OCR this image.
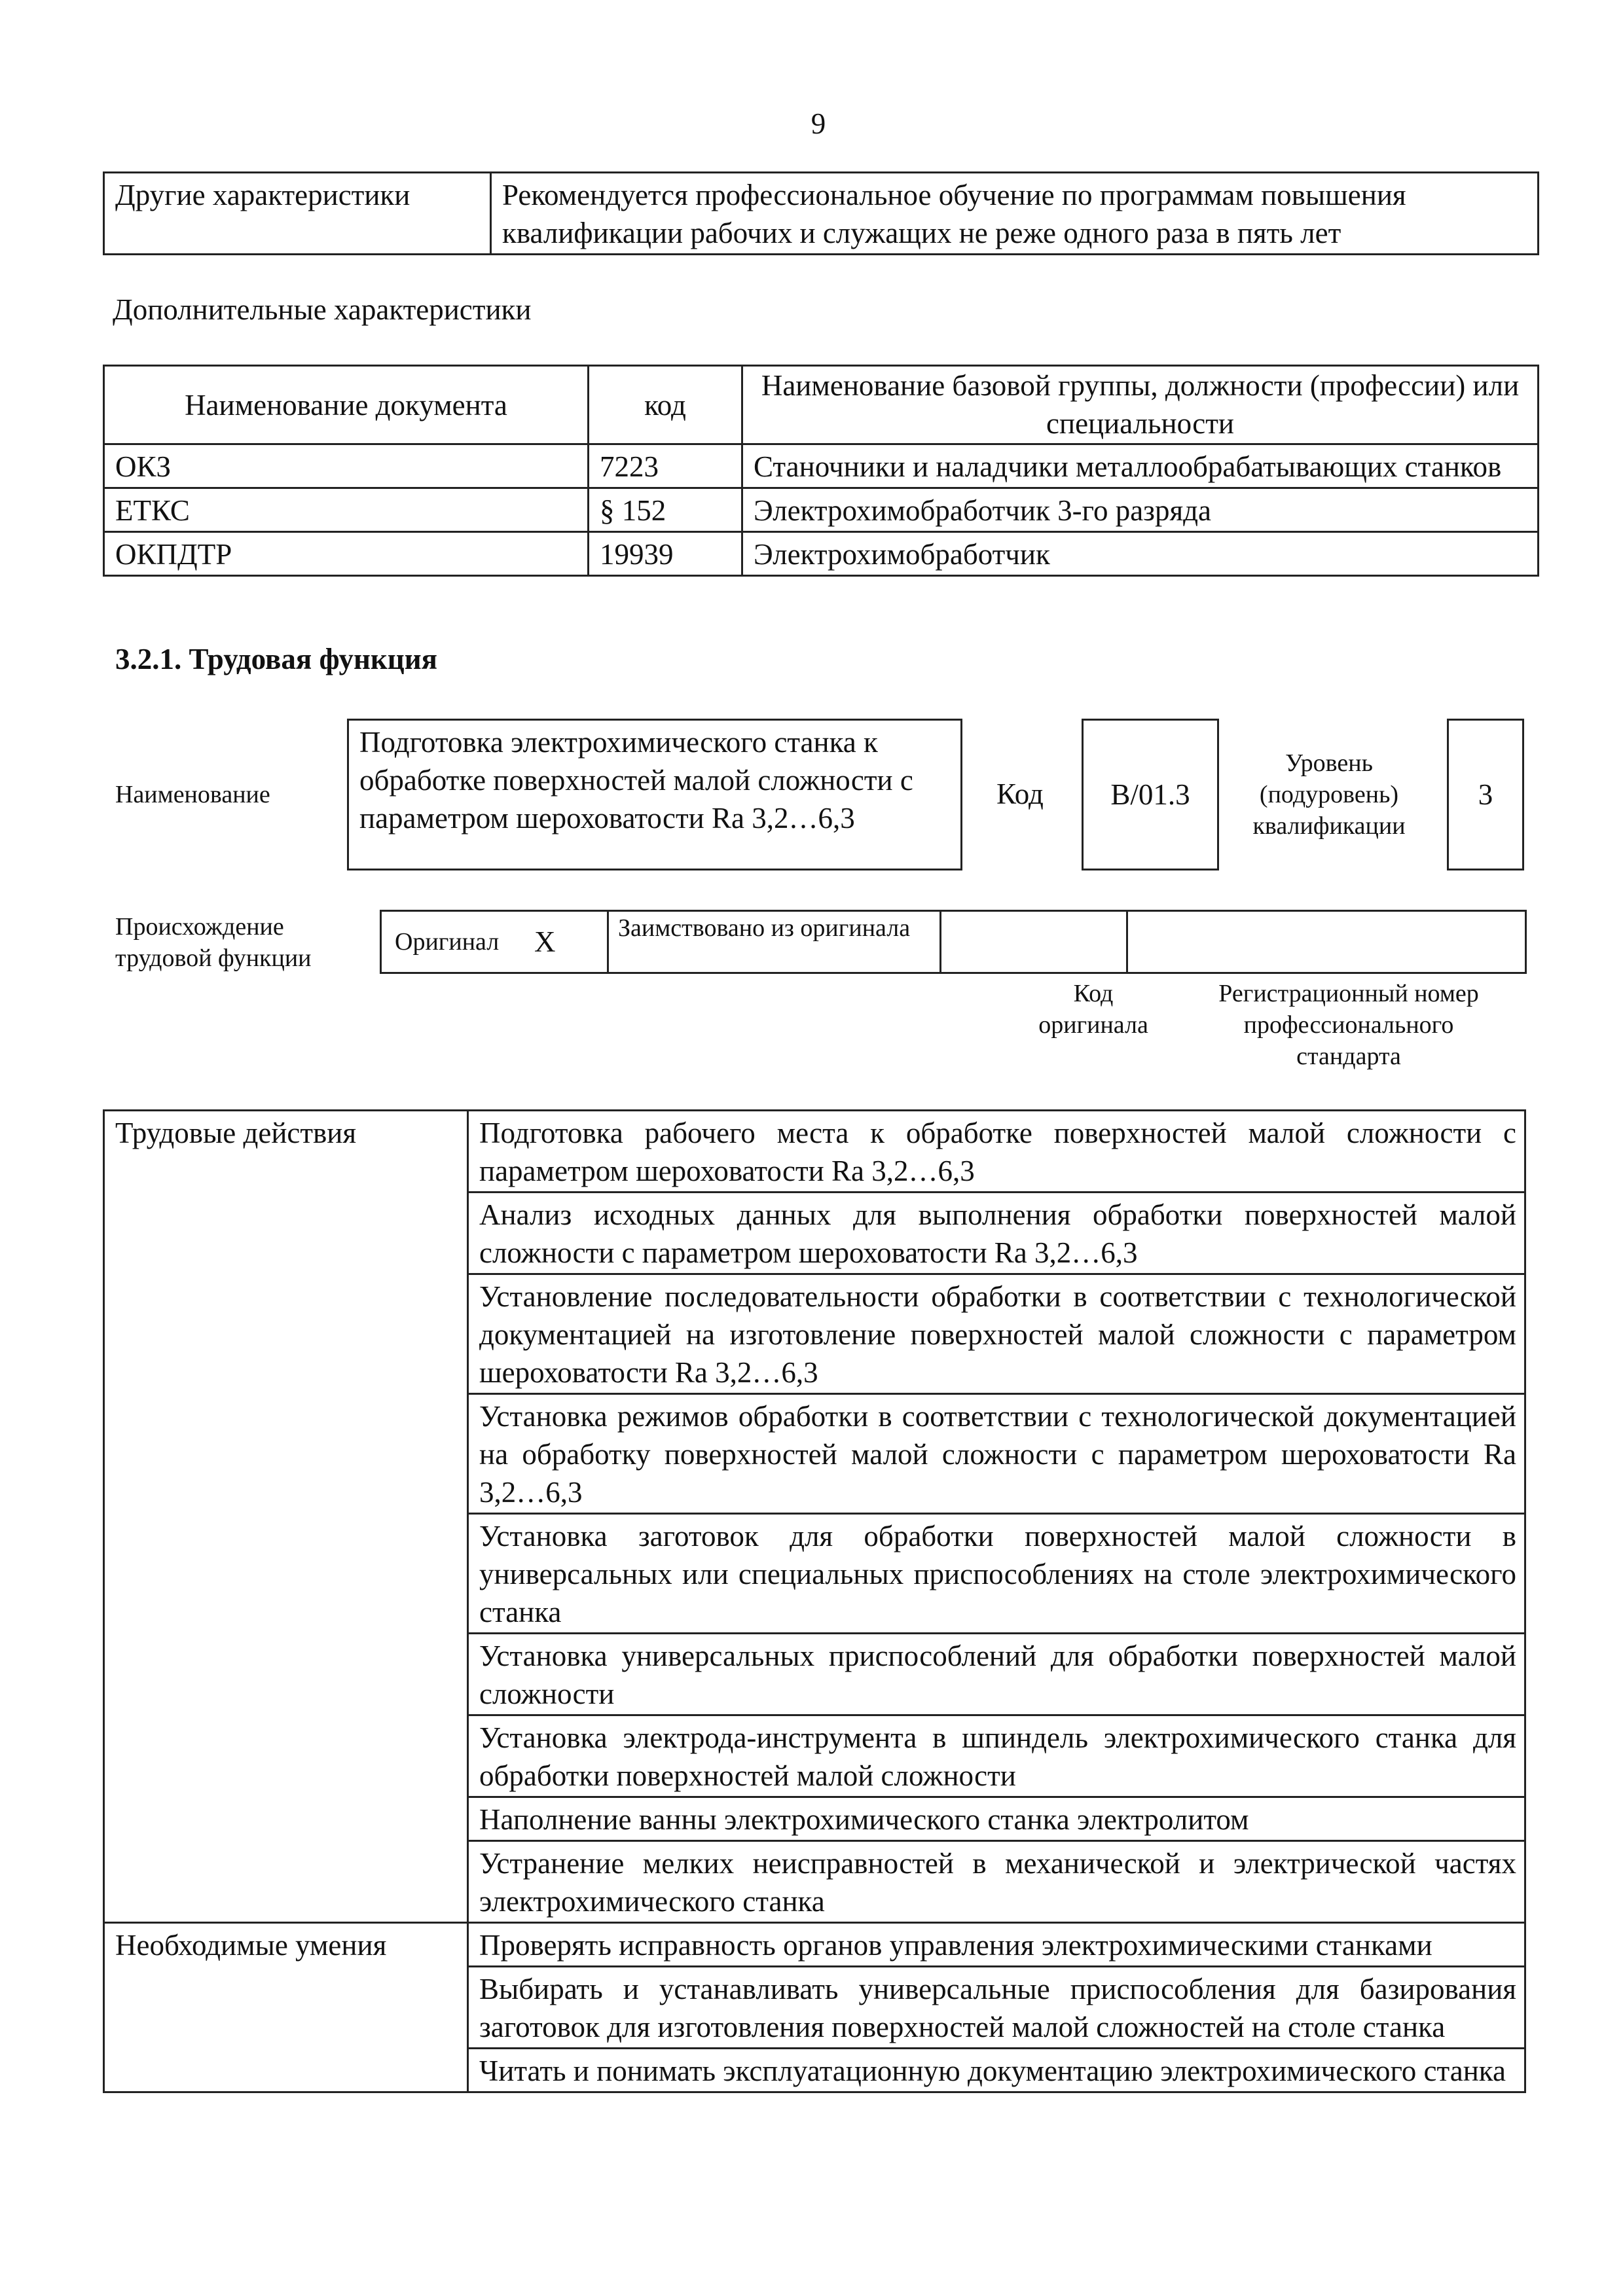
9
Другие характеристики	Рекомендуется профессиональное обучение по программам повышения квалификации рабочих и служащих не реже одного раза в пять лет
Дополнительные характеристики
Наименование документа	код	Наименование базовой группы, должности (профессии) или специальности
ОКЗ	7223	Станочники и наладчики металлообрабатывающих станков
ЕТКС	§ 152	Электрохимобработчик 3-го разряда
ОКПДТР	19939	Электрохимобработчик
3.2.1. Трудовая функция
Наименование
Подготовка электрохимического станка к обработке поверхностей малой сложности с параметром шероховатости Ra 3,2…6,3
Код B/01.3
Уровень (подуровень) квалификации
3
Происхождение трудовой функции
Оригинал	X	Заимствовано из оригинала		
Код оригинала
Регистрационный номер профессионального стандарта
Трудовые действия	Подготовка рабочего места к обработке поверхностей малой сложности с параметром шероховатости Ra 3,2…6,3
	Анализ исходных данных для выполнения обработки поверхностей малой сложности с параметром шероховатости Ra 3,2…6,3
	Установление последовательности обработки в соответствии с технологической документацией на изготовление поверхностей малой сложности с параметром шероховатости Ra 3,2…6,3
	Установка режимов обработки в соответствии с технологической документацией на обработку поверхностей малой сложности с параметром шероховатости Ra 3,2…6,3
	Установка заготовок для обработки поверхностей малой сложности в универсальных или специальных приспособлениях на столе электрохимического станка
	Установка универсальных приспособлений для обработки поверхностей малой сложности
	Установка электрода-инструмента в шпиндель электрохимического станка для обработки поверхностей малой сложности
	Наполнение ванны электрохимического станка электролитом
	Устранение мелких неисправностей в механической и электрической частях электрохимического станка
Необходимые умения	Проверять исправность органов управления электрохимическими станками
	Выбирать и устанавливать универсальные приспособления для базирования заготовок для изготовления поверхностей малой сложностей на столе станка
	Читать и понимать эксплуатационную документацию электрохимического станка
